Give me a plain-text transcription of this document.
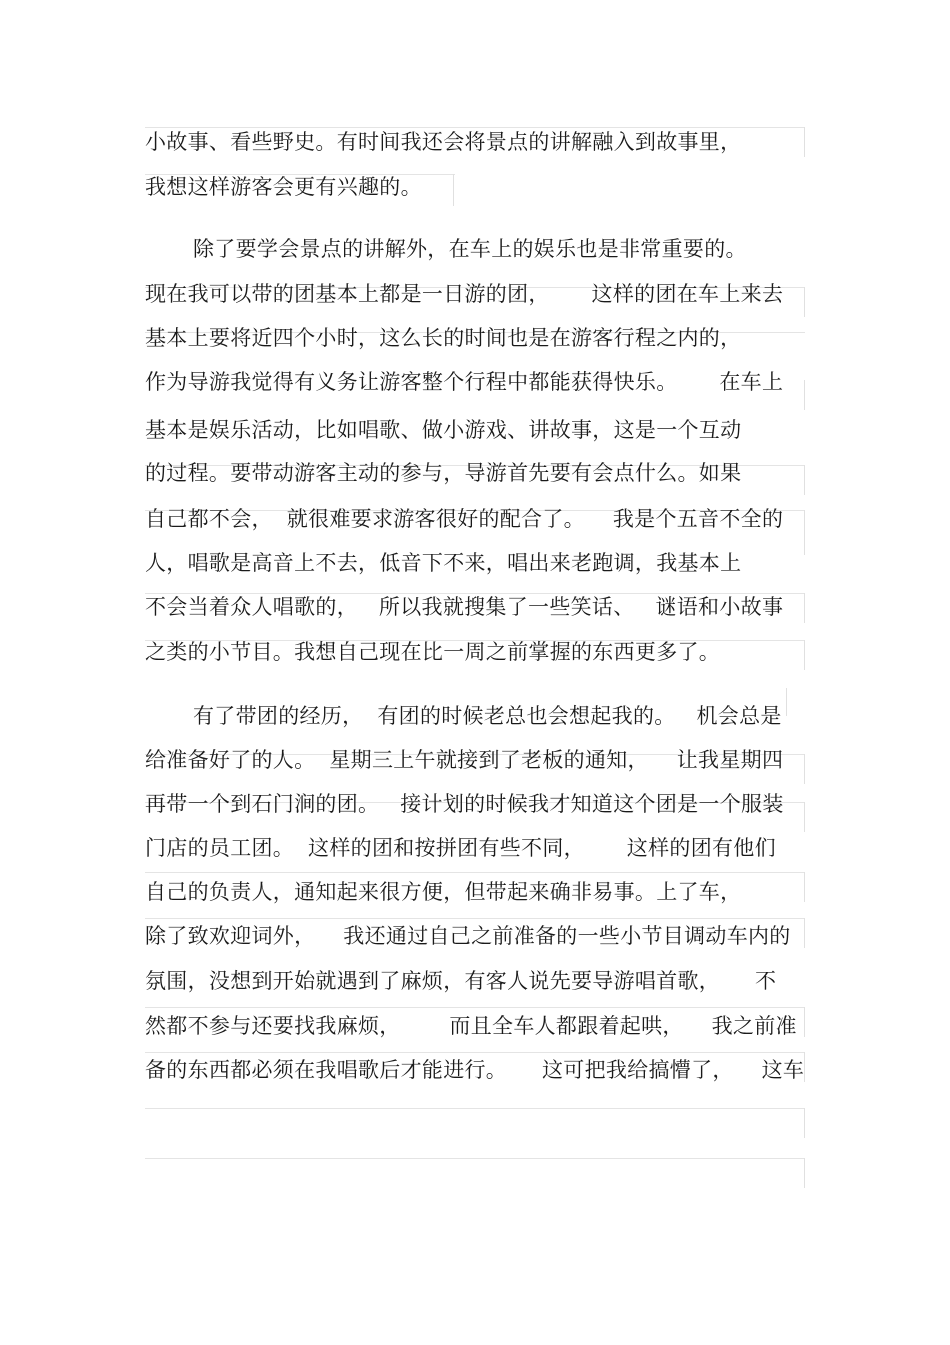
小故事、看些野史。有时间我还会将景点的讲解融入到故事里，
我想这样游客会更有兴趣的。
除了要学会景点的讲解外，在车上的娱乐也是非常重要的。
现在我可以带的团基本上都是一日游的团，      这样的团在车上来去
基本上要将近四个小时，这么长的时间也是在游客行程之内的，
作为导游我觉得有义务让游客整个行程中都能获得快乐。      在车上
基本是娱乐活动，比如唱歌、做小游戏、讲故事，这是一个互动
的过程。要带动游客主动的参与，导游首先要有会点什么。如果
自己都不会，  就很难要求游客很好的配合了。    我是个五音不全的
人，唱歌是高音上不去，低音下不来，唱出来老跑调，我基本上
不会当着众人唱歌的，   所以我就搜集了一些笑话、   谜语和小故事
之类的小节目。我想自己现在比一周之前掌握的东西更多了。
有了带团的经历，  有团的时候老总也会想起我的。   机会总是
给准备好了的人。  星期三上午就接到了老板的通知，    让我星期四
再带一个到石门涧的团。   接计划的时候我才知道这个团是一个服装
门店的员工团。  这样的团和按拼团有些不同，      这样的团有他们
自己的负责人，通知起来很方便，但带起来确非易事。上了车，
除了致欢迎词外，    我还通过自己之前准备的一些小节目调动车内的
氛围，没想到开始就遇到了麻烦，有客人说先要导游唱首歌，     不
然都不参与还要找我麻烦，       而且全车人都跟着起哄，    我之前准
备的东西都必须在我唱歌后才能进行。     这可把我给搞懵了，    这车
